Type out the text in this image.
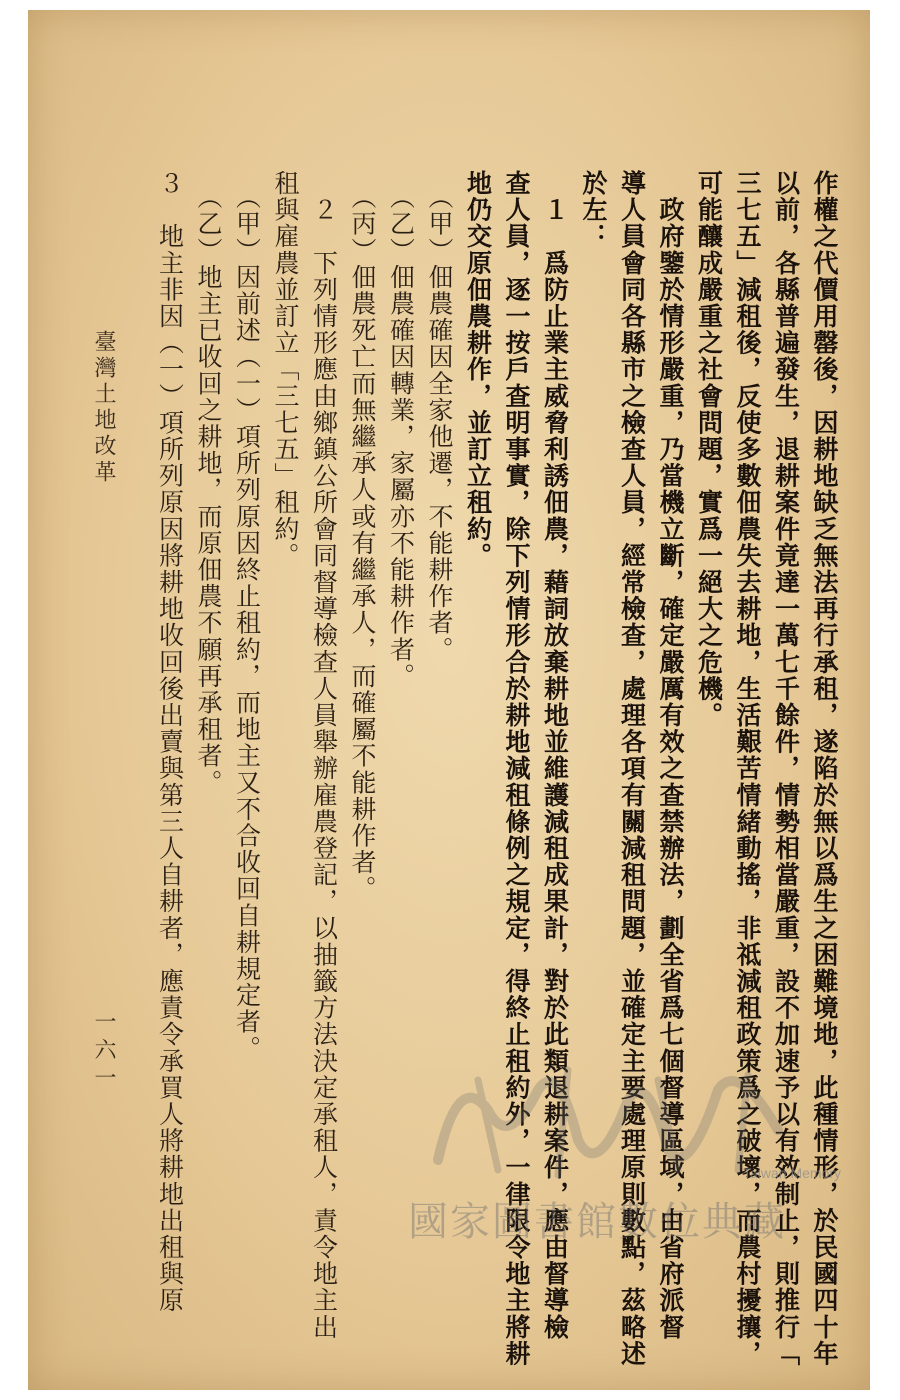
臺灣土地改革
一六一	作權之代價用罄後，因耕地缺乏無法再行承租，遂陷於無以爲生之困難境地，此種情形，於民國四十年
以前，各縣普遍發生，退耕案件竟達一萬七千餘件，情勢相當嚴重，設不加速予以有效制止，則推行「
三七五」減租後，反使多數佃農失去耕地，生活艱苦情緒動搖，非祗減租政策爲之破壞，而農村擾攘，
可能釀成嚴重之社會問題，實爲一絕大之危機。
　政府鑒於情形嚴重，乃當機立斷，確定嚴厲有效之查禁辦法，劃全省爲七個督導區域，由省府派督
導人員會同各縣市之檢查人員，經常檢查，處理各項有關減租問題，並確定主要處理原則數點，茲略述
於左：
　１　爲防止業主威脅利誘佃農，藉詞放棄耕地並維護減租成果計，對於此類退耕案件，應由督導檢
查人員，逐一按戶查明事實，除下列情形合於耕地減租條例之規定，得終止租約外，一律限令地主將耕
地仍交原佃農耕作，並訂立租約。
　（甲）佃農確因全家他遷，不能耕作者。
　（乙）佃農確因轉業，家屬亦不能耕作者。
　（丙）佃農死亡而無繼承人或有繼承人，而確屬不能耕作者。
　２　下列情形應由鄉鎮公所會同督導檢查人員舉辦雇農登記，以抽籤方法決定承租人，責令地主出
租與雇農並訂立「三七五」租約。
　（甲）因前述（一）項所列原因終止租約，而地主又不合收回自耕規定者。
　（乙）地主已收回之耕地，而原佃農不願再承租者。
３　地主非因（一）項所列原因將耕地收回後出賣與第三人自耕者，應責令承買人將耕地出租與原	Taiwan Memory
國家圖書館數位典藏
